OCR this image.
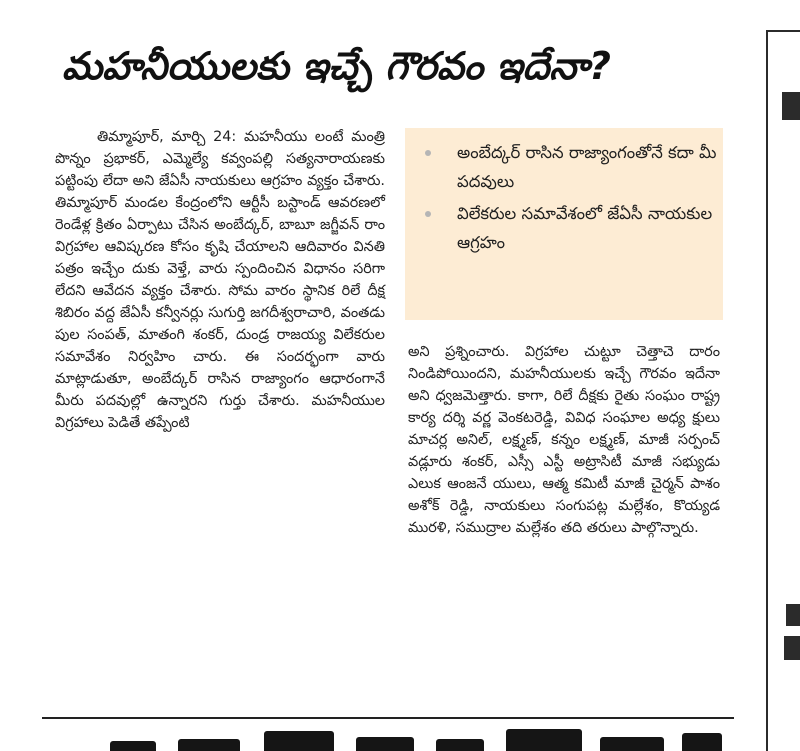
మహనీయులకు ఇచ్చే గౌరవం ఇదేనా?

తిమ్మాపూర్, మార్చి 24: మహనీయు లంటే మంత్రి పొన్నం ప్రభాకర్, ఎమ్మెల్యే కవ్వంపల్లి సత్యనారాయణకు పట్టింపు లేదా అని జేఏసీ నాయకులు ఆగ్రహం వ్యక్తం చేశారు. తిమ్మాపూర్ మండల కేంద్రంలోని ఆర్టీసీ బస్టాండ్ ఆవరణలో రెండేళ్ల క్రితం ఏర్పాటు చేసిన అంబేద్కర్, బాబూ జగ్జీవన్ రాం విగ్రహాల ఆవిష్కరణ కోసం కృషి చేయాలని ఆదివారం వినతి పత్రం ఇచ్చేం దుకు వెళ్తే, వారు స్పందించిన విధానం సరిగా లేదని ఆవేదన వ్యక్తం చేశారు. సోమ వారం స్థానిక రిలే దీక్ష శిబిరం వద్ద జేఏసీ కన్వీనర్లు సుగుర్తి జగదీశ్వరాచారి, వంతడు పుల సంపత్, మాతంగి శంకర్, దుండ్ర రాజయ్య విలేకరుల సమావేశం నిర్వహిం చారు. ఈ సందర్భంగా వారు మాట్లాడుతూ, అంబేద్కర్ రాసిన రాజ్యాంగం ఆధారంగానే మీరు పదవుల్లో ఉన్నారని గుర్తు చేశారు. మహనీయుల విగ్రహాలు పెడితే తప్పేంటి

అంబేద్కర్ రాసిన రాజ్యాంగంతోనే కదా మీ పదవులు
విలేకరుల సమావేశంలో జేఏసీ నాయకుల ఆగ్రహం

అని ప్రశ్నించారు. విగ్రహాల చుట్టూ చెత్తాచె దారం నిండిపోయిందని, మహనీయులకు ఇచ్చే గౌరవం ఇదేనా అని ధ్వజమెత్తారు. కాగా, రిలే దీక్షకు రైతు సంఘం రాష్ట్ర కార్య దర్శి వర్ణ వెంకటరెడ్డి, వివిధ సంఘాల అధ్య క్షులు మాచర్ల అనిల్, లక్ష్మణ్, కన్నం లక్ష్మణ్, మాజీ సర్పంచ్ వడ్లూరు శంకర్, ఎస్సీ ఎస్టీ అట్రాసిటీ మాజీ సభ్యుడు ఎలుక ఆంజనే యులు, ఆత్మ కమిటీ మాజీ చైర్మన్ పాశం అశోక్ రెడ్డి, నాయకులు సంగుపట్ల మల్లేశం, కొయ్యడ మురళి, సముద్రాల మల్లేశం తది తరులు పాల్గొన్నారు.
